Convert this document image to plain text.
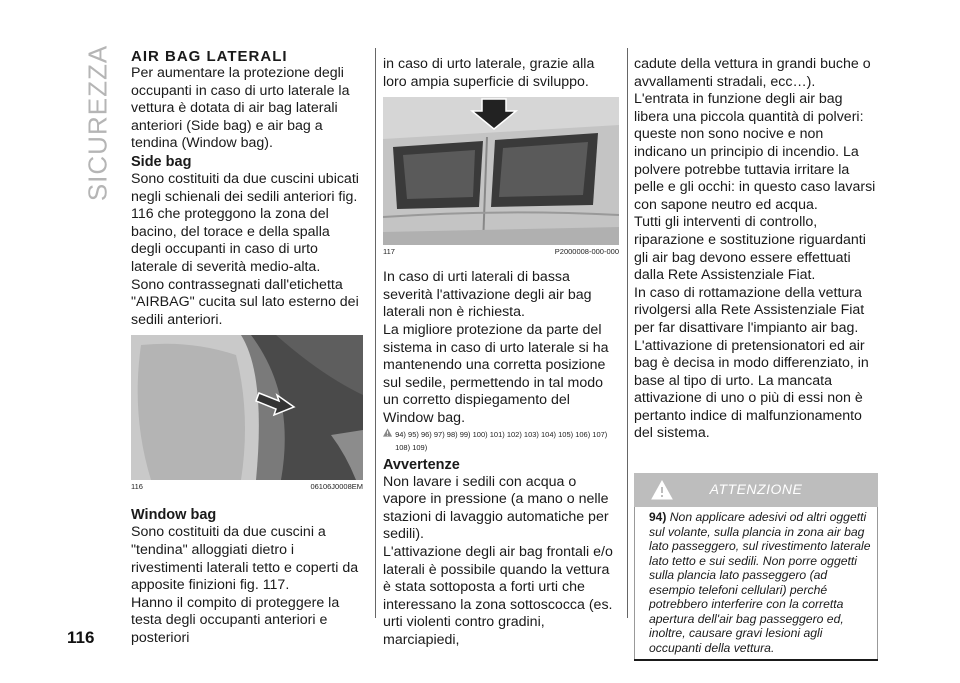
SICUREZZA AIR BAG LATERALI

Per aumentare la protezione degli occupanti in caso di urto laterale la vettura è dotata di air bag laterali anteriori (Side bag) e air bag a tendina (Window bag).

Side bag

Sono costituiti da due cuscini ubicati negli schienali dei sedili anteriori fig. 116 che proteggono la zona del bacino, del torace e della spalla degli occupanti in caso di urto laterale di severità medio-alta.

Sono contrassegnati dall'etichetta "AIRBAG" cucita sul lato esterno dei sedili anteriori.

116	06106J0008EM

Window bag

Sono costituiti da due cuscini a "tendina" alloggiati dietro i rivestimenti laterali tetto e coperti da apposite finizioni fig. 117.

Hanno il compito di proteggere la testa degli occupanti anteriori e posteriori

in caso di urto laterale, grazie alla loro ampia superficie di sviluppo.

117	P2000008-000-000

In caso di urti laterali di bassa severità l'attivazione degli air bag laterali non è richiesta.

La migliore protezione da parte del sistema in caso di urto laterale si ha mantenendo una corretta posizione sul sedile, permettendo in tal modo un corretto dispiegamento del Window bag.

94) 95) 96) 97) 98) 99) 100) 101) 102) 103) 104) 105) 106) 107) 108) 109)

Avvertenze

Non lavare i sedili con acqua o vapore in pressione (a mano o nelle stazioni di lavaggio automatiche per sedili).

L'attivazione degli air bag frontali e/o laterali è possibile quando la vettura è stata sottoposta a forti urti che interessano la zona sottoscocca (es. urti violenti contro gradini, marciapiedi,

cadute della vettura in grandi buche o avvallamenti stradali, ecc…).

L'entrata in funzione degli air bag libera una piccola quantità di polveri: queste non sono nocive e non indicano un principio di incendio. La polvere potrebbe tuttavia irritare la pelle e gli occhi: in questo caso lavarsi con sapone neutro ed acqua.

Tutti gli interventi di controllo, riparazione e sostituzione riguardanti gli air bag devono essere effettuati dalla Rete Assistenziale Fiat.

In caso di rottamazione della vettura rivolgersi alla Rete Assistenziale Fiat per far disattivare l'impianto air bag.

L'attivazione di pretensionatori ed air bag è decisa in modo differenziato, in base al tipo di urto. La mancata attivazione di uno o più di essi non è pertanto indice di malfunzionamento del sistema.

ATTENZIONE
94) Non applicare adesivi od altri oggetti sul volante, sulla plancia in zona air bag lato passeggero, sul rivestimento laterale lato tetto e sui sedili. Non porre oggetti sulla plancia lato passeggero (ad esempio telefoni cellulari) perché potrebbero interferire con la corretta apertura dell'air bag passeggero ed, inoltre, causare gravi lesioni agli occupanti della vettura.
116
